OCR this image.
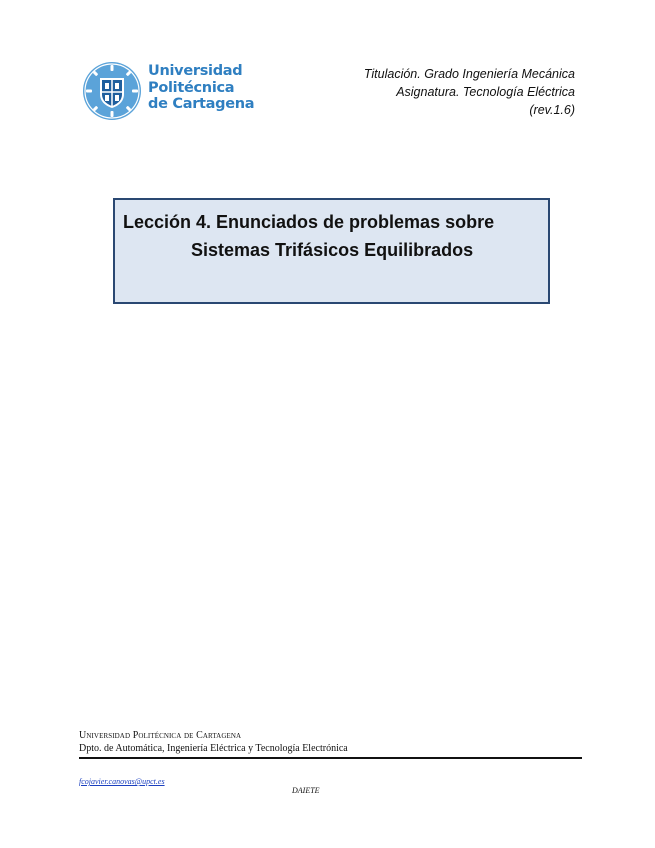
Universidad
Politécnica
de Cartagena
Titulación. Grado Ingeniería Mecánica
Asignatura. Tecnología Eléctrica
(rev.1.6)
Lección 4. Enunciados de problemas sobre
Sistemas Trifásicos Equilibrados
Universidad Politécnica de Cartagena
Dpto. de Automática, Ingeniería Eléctrica y Tecnología Electrónica
fcojavier.canovas@upct.es
DAIETE
